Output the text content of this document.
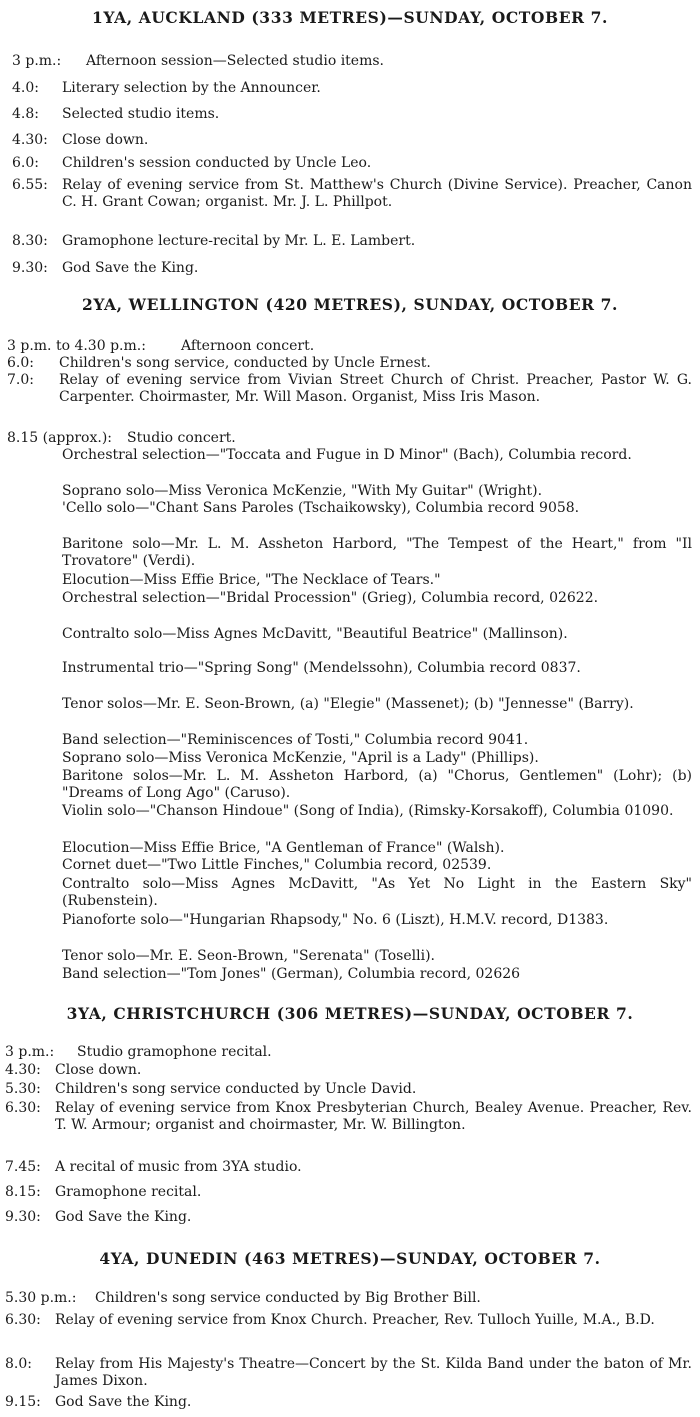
1YA, AUCKLAND (333 METRES)—SUNDAY, OCTOBER 7.
3 p.m.: Afternoon session—Selected studio items.
4.0: Literary selection by the Announcer.
4.8: Selected studio items.
4.30: Close down.
6.0: Children's session conducted by Uncle Leo.
6.55: Relay of evening service from St. Matthew's Church (Divine Service). Preacher, Canon C. H. Grant Cowan; organist. Mr. J. L. Phillpot.
8.30: Gramophone lecture-recital by Mr. L. E. Lambert.
9.30: God Save the King.
2YA, WELLINGTON (420 METRES), SUNDAY, OCTOBER 7.
3 p.m. to 4.30 p.m.:	Afternoon concert.
6.0: Children's song service, conducted by Uncle Ernest.
7.0: Relay of evening service from Vivian Street Church of Christ. Preacher, Pastor W. G. Carpenter. Choirmaster, Mr. Will Mason. Organist, Miss Iris Mason.
8.15 (approx.): Studio concert.
Orchestral selection—"Toccata and Fugue in D Minor" (Bach), Columbia record.
Soprano solo—Miss Veronica McKenzie, "With My Guitar" (Wright).
'Cello solo—"Chant Sans Paroles (Tschaikowsky), Columbia record 9058.
Baritone solo—Mr. L. M. Assheton Harbord, "The Tempest of the Heart," from "Il Trovatore" (Verdi).
Elocution—Miss Effie Brice, "The Necklace of Tears."
Orchestral selection—"Bridal Procession" (Grieg), Columbia record, 02622.
Contralto solo—Miss Agnes McDavitt, "Beautiful Beatrice" (Mallinson).
Instrumental trio—"Spring Song" (Mendelssohn), Columbia record 0837.
Tenor solos—Mr. E. Seon-Brown, (a) "Elegie" (Massenet); (b) "Jennesse" (Barry).
Band selection—"Reminiscences of Tosti," Columbia record 9041.
Soprano solo—Miss Veronica McKenzie, "April is a Lady" (Phillips).
Baritone solos—Mr. L. M. Assheton Harbord, (a) "Chorus, Gentlemen" (Lohr); (b) "Dreams of Long Ago" (Caruso).
Violin solo—"Chanson Hindoue" (Song of India), (Rimsky-Korsakoff), Columbia 01090.
Elocution—Miss Effie Brice, "A Gentleman of France" (Walsh).
Cornet duet—"Two Little Finches," Columbia record, 02539.
Contralto solo—Miss Agnes McDavitt, "As Yet No Light in the Eastern Sky" (Rubenstein).
Pianoforte solo—"Hungarian Rhapsody," No. 6 (Liszt), H.M.V. record, D1383.
Tenor solo—Mr. E. Seon-Brown, "Serenata" (Toselli).
Band selection—"Tom Jones" (German), Columbia record, 02626
3YA, CHRISTCHURCH (306 METRES)—SUNDAY, OCTOBER 7.
3 p.m.: Studio gramophone recital.
4.30: Close down.
5.30: Children's song service conducted by Uncle David.
6.30: Relay of evening service from Knox Presbyterian Church, Bealey Avenue. Preacher, Rev. T. W. Armour; organist and choirmaster, Mr. W. Billington.
7.45: A recital of music from 3YA studio.
8.15: Gramophone recital.
9.30: God Save the King.
4YA, DUNEDIN (463 METRES)—SUNDAY, OCTOBER 7.
5.30 p.m.: Children's song service conducted by Big Brother Bill.
6.30: Relay of evening service from Knox Church. Preacher, Rev. Tulloch Yuille, M.A., B.D.
8.0: Relay from His Majesty's Theatre—Concert by the St. Kilda Band under the baton of Mr. James Dixon.
9.15: God Save the King.
